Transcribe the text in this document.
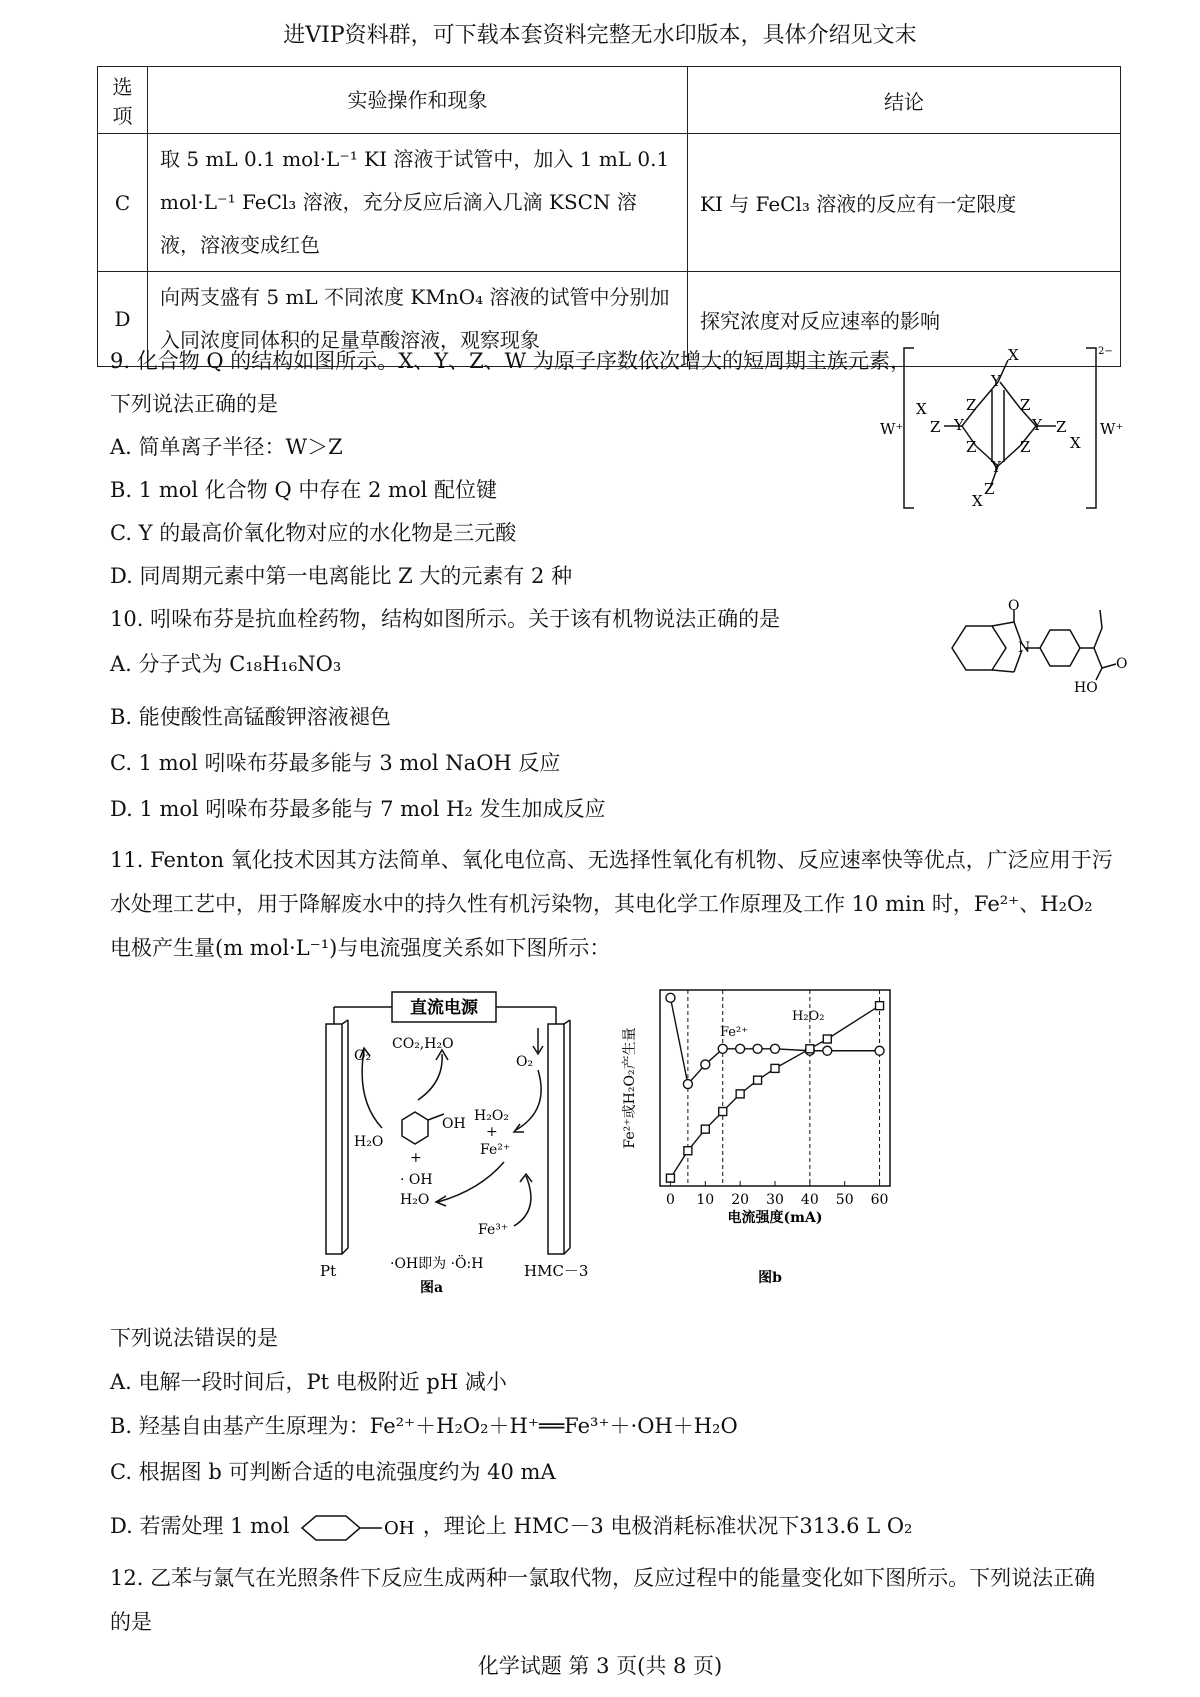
进VIP资料群，可下载本套资料完整无水印版本，具体介绍见文末
选项	实验操作和现象	结论
C	取 5 mL 0.1 mol·L⁻¹ KI 溶液于试管中，加入 1 mL 0.1 mol·L⁻¹ FeCl₃ 溶液，充分反应后滴入几滴 KSCN 溶液，溶液变成红色	KI 与 FeCl₃ 溶液的反应有一定限度
D	向两支盛有 5 mL 不同浓度 KMnO₄ 溶液的试管中分别加入同浓度同体积的足量草酸溶液，观察现象	探究浓度对反应速率的影响
9. 化合物 Q 的结构如图所示。X、Y、Z、W 为原子序数依次增大的短周期主族元素，
下列说法正确的是
A. 简单离子半径：W＞Z
B. 1 mol 化合物 Q 中存在 2 mol 配位键
C. Y 的最高价氧化物对应的水化物是三元酸
D. 同周期元素中第一电离能比 Z 大的元素有 2 种
X
Y
Z	Z
Y	Y
Z	Z
Y
Z
X
Z
X
Z
X
W⁺	W⁺
2−
10. 吲哚布芬是抗血栓药物，结构如图所示。关于该有机物说法正确的是
A. 分子式为 C₁₈H₁₆NO₃
B. 能使酸性高锰酸钾溶液褪色
C. 1 mol 吲哚布芬最多能与 3 mol NaOH 反应
D. 1 mol 吲哚布芬最多能与 7 mol H₂ 发生加成反应
O
N
O
HO
11. Fenton 氧化技术因其方法简单、氧化电位高、无选择性氧化有机物、反应速率快等优点，广泛应用于污水处理工艺中，用于降解废水中的持久性有机污染物，其电化学工作原理及工作 10 min 时，Fe²⁺、H₂O₂ 电极产生量(m mol·L⁻¹)与电流强度关系如下图所示：
直流电源
O₂
H₂O
CO₂,H₂O
OH
+
· OH
H₂O
O₂
H₂O₂
+
Fe²⁺
Fe³⁺
Pt	HMC－3
·OH即为 ·Ö:H
图a
0 10 20 30 40 50 60
Fe²⁺或H₂O₂产生量
电流强度(mA)
Fe²⁺
H₂O₂
图b
下列说法错误的是
A. 电解一段时间后，Pt 电极附近 pH 减小
B. 羟基自由基产生原理为：Fe²⁺＋H₂O₂＋H⁺══Fe³⁺＋·OH＋H₂O
C. 根据图 b 可判断合适的电流强度约为 40 mA
D. 若需处理 1 mol	OH ，理论上 HMC－3 电极消耗标准状况下313.6 L O₂
12. 乙苯与氯气在光照条件下反应生成两种一氯取代物，反应过程中的能量变化如下图所示。下列说法正确
的是
化学试题 第 3 页(共 8 页)
